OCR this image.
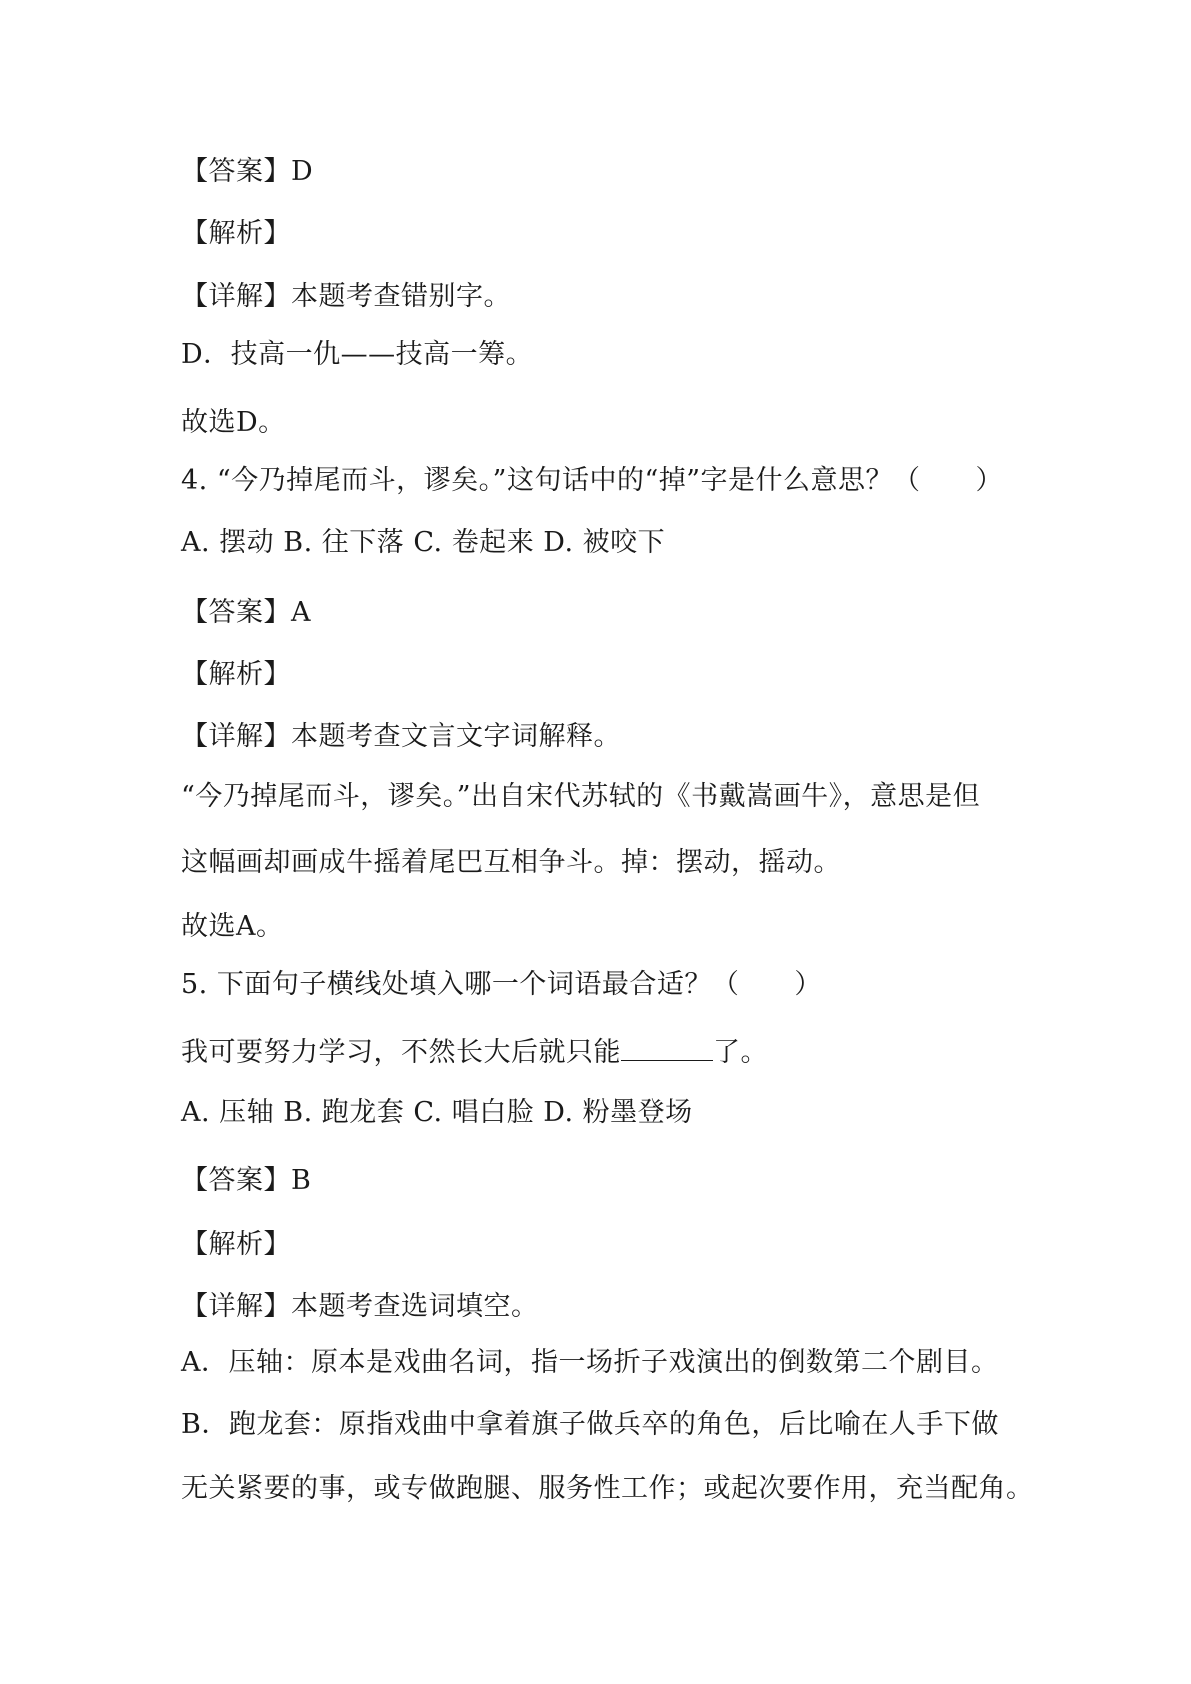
【答案】D
【解析】
【详解】本题考查错别字。
D．技高一仇——技高一筹。
故选D。
4. “今乃掉尾而斗，谬矣。”这句话中的“掉”字是什么意思？（　　）
A. 摆动 B. 往下落 C. 卷起来 D. 被咬下
【答案】A
【解析】
【详解】本题考查文言文字词解释。
“今乃掉尾而斗，谬矣。”出自宋代苏轼的《书戴嵩画牛》，意思是但
这幅画却画成牛摇着尾巴互相争斗。掉：摆动，摇动。
故选A。
5. 下面句子横线处填入哪一个词语最合适？（　　）
我可要努力学习，不然长大后就只能	了。
A. 压轴 B. 跑龙套 C. 唱白脸 D. 粉墨登场
【答案】B
【解析】
【详解】本题考查选词填空。
A．压轴：原本是戏曲名词，指一场折子戏演出的倒数第二个剧目。
B．跑龙套：原指戏曲中拿着旗子做兵卒的角色，后比喻在人手下做
无关紧要的事，或专做跑腿、服务性工作；或起次要作用，充当配角。
